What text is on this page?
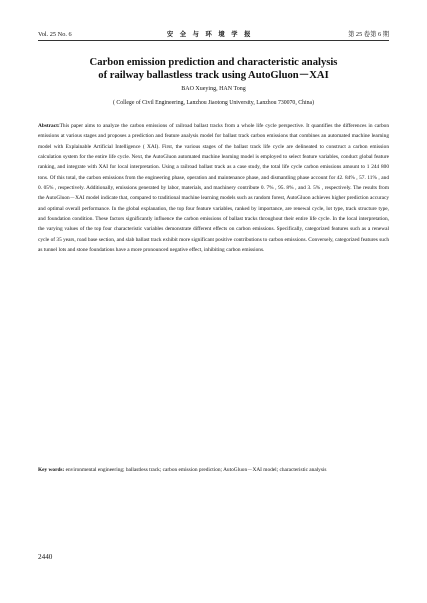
Vol. 25 No. 6	安 全 与 环 境 学 报	第 25 卷第 6 期
Carbon emission prediction and characteristic analysis
of railway ballastless track using AutoGluon－XAI
BAO Xueying, HAN Tong
( College of Civil Engineering, Lanzhou Jiaotong University, Lanzhou 730070, China)

Abstract:This paper aims to analyze the carbon emissions of railroad ballast tracks from a whole life cycle perspective. It quantifies the differences in carbon emissions at various stages and proposes a prediction and feature analysis model for ballast track carbon emissions that combines an automated machine learning model with Explainable Artificial Intelligence ( XAI). First, the various stages of the ballast track life cycle are delineated to construct a carbon emission calculation system for the entire life cycle. Next, the AutoGluon automated machine learning model is employed to select feature variables, conduct global feature ranking, and integrate with XAI for local interpretation. Using a railroad ballast track as a case study, the total life cycle carbon emissions amount to 1 244 800 tons. Of this total, the carbon emissions from the engineering phase, operation and maintenance phase, and dismantling phase account for 42. 84% , 57. 11% , and 0. 05% , respectively. Additionally, emissions generated by labor, materials, and machinery contribute 0. 7% , 95. 8% , and 3. 5% , respectively. The results from the AutoGluon－XAI model indicate that, compared to traditional machine learning models such as random forest, AutoGluon achieves higher prediction accuracy and optimal overall performance. In the global explanation, the top four feature variables, ranked by importance, are renewal cycle, lot type, track structure type, and foundation condition. These factors significantly influence the carbon emissions of ballast tracks throughout their entire life cycle. In the local interpretation, the varying values of the top four characteristic variables demonstrate different effects on carbon emissions. Specifically, categorized features such as a renewal cycle of 35 years, road base section, and slab ballast track exhibit more significant positive contributions to carbon emissions. Conversely, categorized features such as tunnel lots and stone foundations have a more pronounced negative effect, inhibiting carbon emissions.

Key words: environmental engineering; ballastless track; carbon emission prediction; AutoGluon－XAI model; characteristic analysis

2440
